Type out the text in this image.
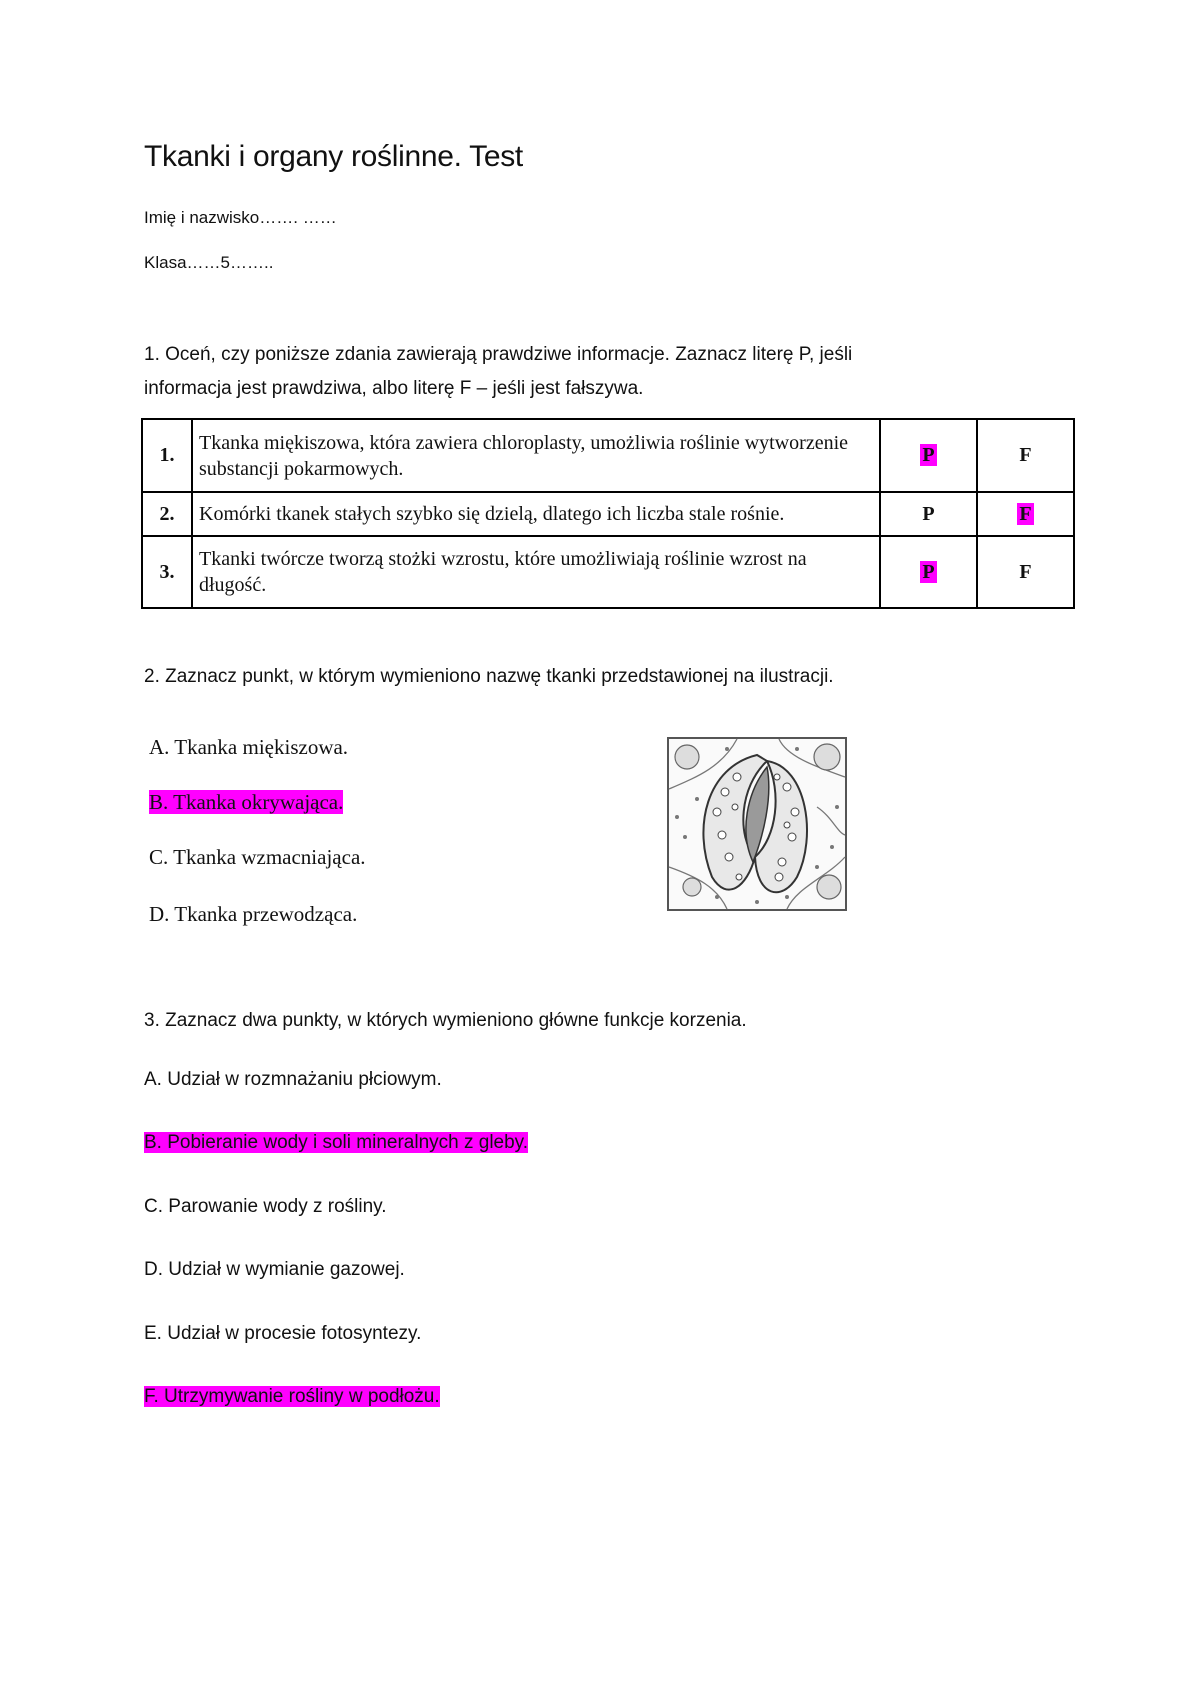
Tkanki i organy roślinne. Test
Imię i nazwisko……. ……
Klasa……5……..
1. Oceń, czy poniższe zdania zawierają prawdziwe informacje. Zaznacz literę P, jeśli
informacja jest prawdziwa, albo literę F – jeśli jest fałszywa.
1.	Tkanka miękiszowa, która zawiera chloroplasty, umożliwia roślinie wytworzenie substancji pokarmowych.	P	F
2.	Komórki tkanek stałych szybko się dzielą, dlatego ich liczba stale rośnie.	P	F
3.	Tkanki twórcze tworzą stożki wzrostu, które umożliwiają roślinie wzrost na długość.	P	F
2. Zaznacz punkt, w którym wymieniono nazwę tkanki przedstawionej na ilustracji.
A. Tkanka miękiszowa.
B. Tkanka okrywająca.
C. Tkanka wzmacniająca.
D. Tkanka przewodząca.
3. Zaznacz dwa punkty, w których wymieniono główne funkcje korzenia.
A. Udział w rozmnażaniu płciowym.
B. Pobieranie wody i soli mineralnych z gleby.
C. Parowanie wody z rośliny.
D. Udział w wymianie gazowej.
E. Udział w procesie fotosyntezy.
F. Utrzymywanie rośliny w podłożu.
